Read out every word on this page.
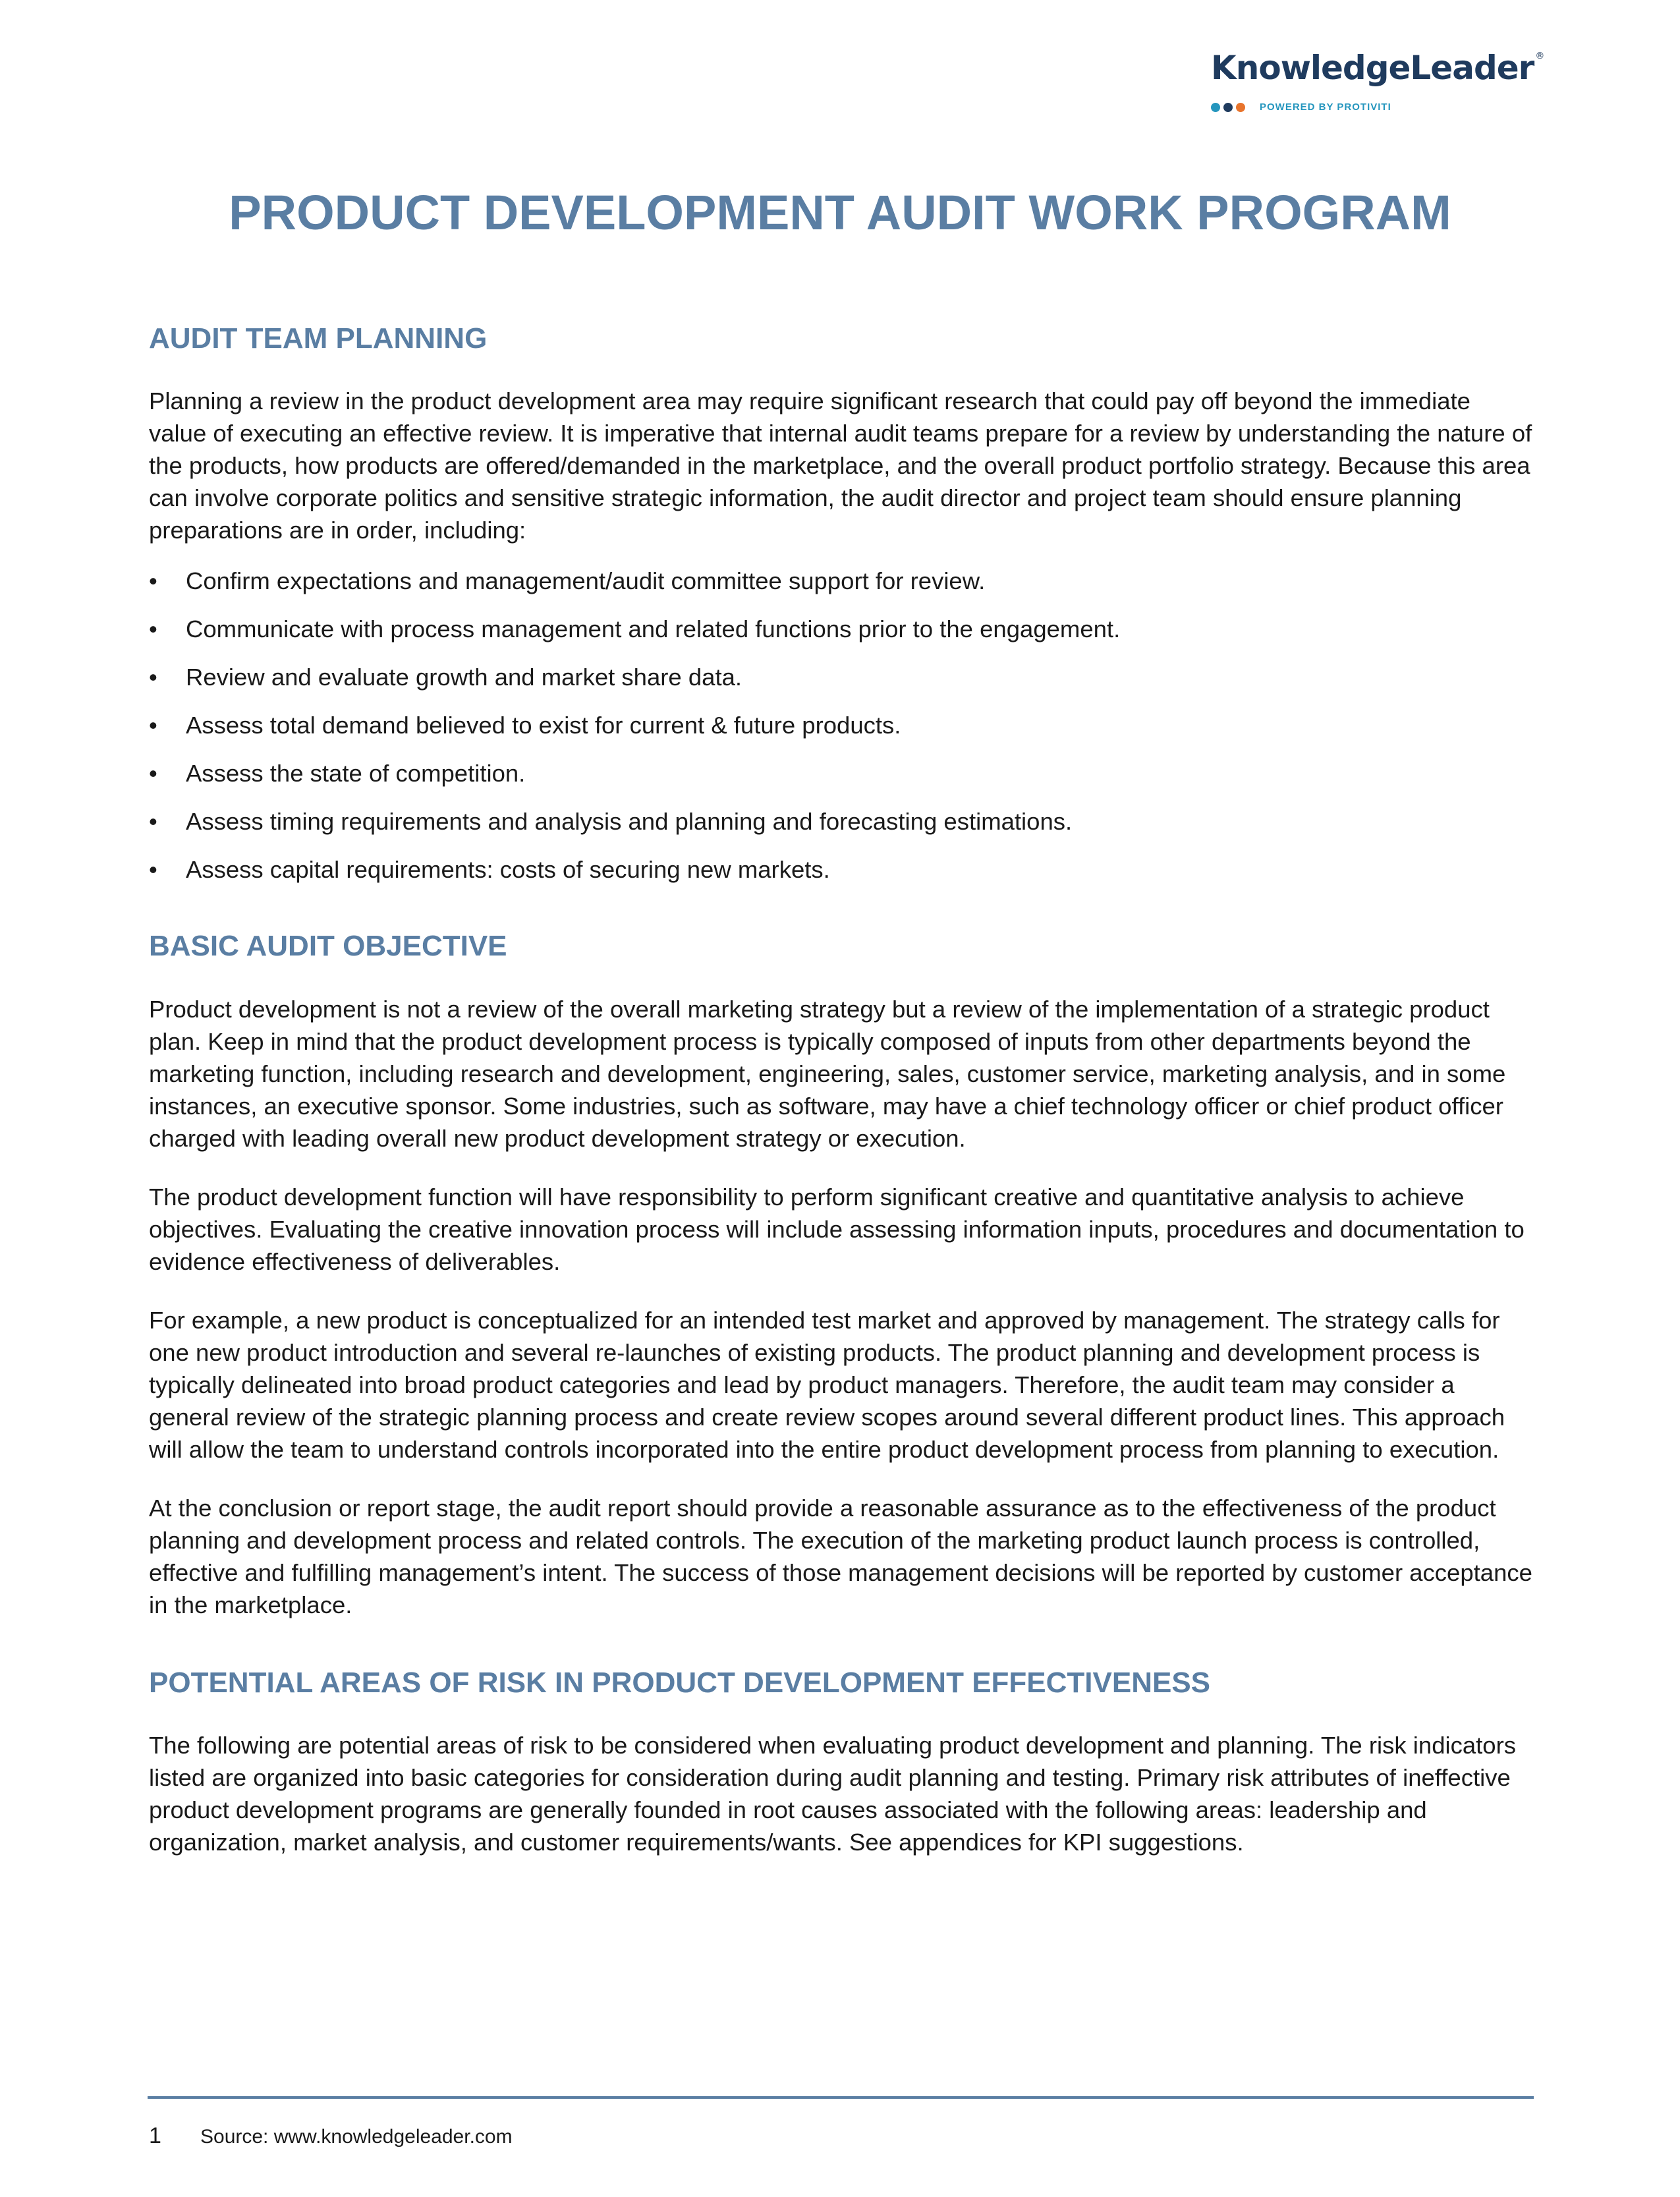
KnowledgeLeader ®
POWERED BY PROTIVITI
PRODUCT DEVELOPMENT AUDIT WORK PROGRAM
AUDIT TEAM PLANNING

Planning a review in the product development area may require significant research that could pay off beyond the immediate value of executing an effective review. It is imperative that internal audit teams prepare for a review by understanding the nature of the products, how products are offered/demanded in the marketplace, and the overall product portfolio strategy. Because this area can involve corporate politics and sensitive strategic information, the audit director and project team should ensure planning preparations are in order, including:

• Confirm expectations and management/audit committee support for review.
• Communicate with process management and related functions prior to the engagement.
• Review and evaluate growth and market share data.
• Assess total demand believed to exist for current & future products.
• Assess the state of competition.
• Assess timing requirements and analysis and planning and forecasting estimations.
• Assess capital requirements: costs of securing new markets.
BASIC AUDIT OBJECTIVE

Product development is not a review of the overall marketing strategy but a review of the implementation of a strategic product plan. Keep in mind that the product development process is typically composed of inputs from other departments beyond the marketing function, including research and development, engineering, sales, customer service, marketing analysis, and in some instances, an executive sponsor. Some industries, such as software, may have a chief technology officer or chief product officer charged with leading overall new product development strategy or execution.

The product development function will have responsibility to perform significant creative and quantitative analysis to achieve objectives. Evaluating the creative innovation process will include assessing information inputs, procedures and documentation to evidence effectiveness of deliverables.

For example, a new product is conceptualized for an intended test market and approved by management. The strategy calls for one new product introduction and several re-launches of existing products. The product planning and development process is typically delineated into broad product categories and lead by product managers. Therefore, the audit team may consider a general review of the strategic planning process and create review scopes around several different product lines. This approach will allow the team to understand controls incorporated into the entire product development process from planning to execution.

At the conclusion or report stage, the audit report should provide a reasonable assurance as to the effectiveness of the product planning and development process and related controls. The execution of the marketing product launch process is controlled, effective and fulfilling management’s intent. The success of those management decisions will be reported by customer acceptance in the marketplace.

POTENTIAL AREAS OF RISK IN PRODUCT DEVELOPMENT EFFECTIVENESS

The following are potential areas of risk to be considered when evaluating product development and planning. The risk indicators listed are organized into basic categories for consideration during audit planning and testing. Primary risk attributes of ineffective product development programs are generally founded in root causes associated with the following areas: leadership and organization, market analysis, and customer requirements/wants. See appendices for KPI suggestions.

1	Source: www.knowledgeleader.com
